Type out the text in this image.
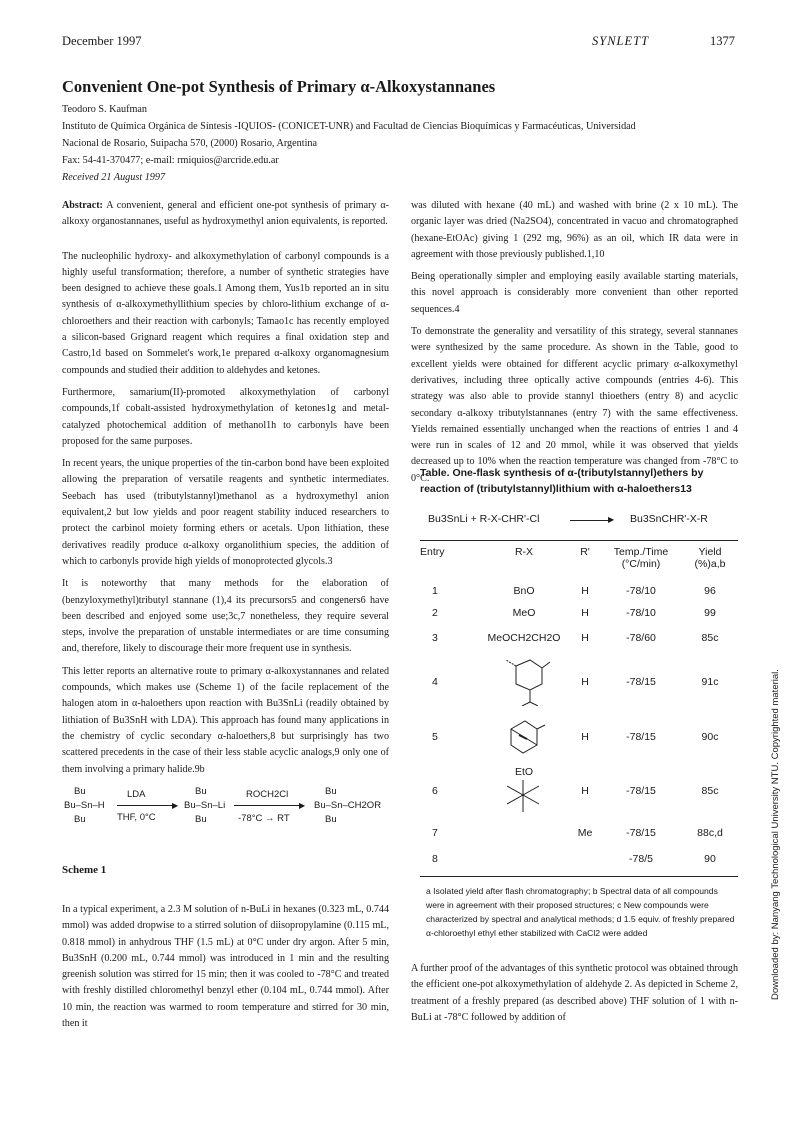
December 1997	SYNLETT	1377
Convenient One-pot Synthesis of Primary α-Alkoxystannanes
Teodoro S. Kaufman
Instituto de Química Orgánica de Síntesis -IQUIOS- (CONICET-UNR) and Facultad de Ciencias Bioquímicas y Farmacéuticas, Universidad
Nacional de Rosario, Suipacha 570, (2000) Rosario, Argentina
Fax: 54-41-370477; e-mail: rmiquios@arcride.edu.ar
Received 21 August 1997

Abstract: A convenient, general and efficient one-pot synthesis of primary α-alkoxy organostannanes, useful as hydroxymethyl anion equivalents, is reported.

The nucleophilic hydroxy- and alkoxymethylation of carbonyl compounds is a highly useful transformation; therefore, a number of synthetic strategies have been designed to achieve these goals.1 Among them, Yus1b reported an in situ synthesis of α-alkoxymethyllithium species by chloro-lithium exchange of α-chloroethers and their reaction with carbonyls; Tamao1c has recently employed a silicon-based Grignard reagent which requires a final oxidation step and Castro,1d based on Sommelet's work,1e prepared α-alkoxy organomagnesium compounds and studied their addition to aldehydes and ketones.

Furthermore, samarium(II)-promoted alkoxymethylation of carbonyl compounds,1f cobalt-assisted hydroxymethylation of ketones1g and metal-catalyzed photochemical addition of methanol1h to carbonyls have been proposed for the same purposes.

In recent years, the unique properties of the tin-carbon bond have been exploited allowing the preparation of versatile reagents and synthetic intermediates. Seebach has used (tributylstannyl)methanol as a hydroxymethyl anion equivalent,2 but low yields and poor reagent stability induced researchers to protect the carbinol moiety forming ethers or acetals. Upon lithiation, these derivatives readily produce α-alkoxy organolithium species, the addition of which to carbonyls provide high yields of monoprotected glycols.3

It is noteworthy that many methods for the elaboration of (benzyloxymethyl)tributyl stannane (1),4 its precursors5 and congeners6 have been described and enjoyed some use;3c,7 nonetheless, they require several steps, involve the preparation of unstable intermediates or are time consuming and, therefore, likely to discourage their more frequent use in synthesis.

This letter reports an alternative route to primary α-alkoxystannanes and related compounds, which makes use (Scheme 1) of the facile replacement of the halogen atom in α-haloethers upon reaction with Bu3SnLi (readily obtained by lithiation of Bu3SnH with LDA). This approach has found many applications in the chemistry of cyclic secondary α-haloethers,8 but surprisingly has two scattered precedents in the case of their less stable acyclic analogs,9 only one of them involving a primary halide.9b

Bu
Bu–Sn–H
Bu
LDA
▶
THF, 0°C
Bu
Bu–Sn–Li
Bu
ROCH2Cl
▶
-78°C → RT
Bu
Bu–Sn–CH2OR
Bu
Scheme 1

In a typical experiment, a 2.3 M solution of n-BuLi in hexanes (0.323 mL, 0.744 mmol) was added dropwise to a stirred solution of diisopropylamine (0.115 mL, 0.818 mmol) in anhydrous THF (1.5 mL) at 0°C under dry argon. After 5 min, Bu3SnH (0.200 mL, 0.744 mmol) was introduced in 1 min and the resulting greenish solution was stirred for 15 min; then it was cooled to -78°C and treated with freshly distilled chloromethyl benzyl ether (0.104 mL, 0.744 mmol). After 10 min, the reaction was warmed to room temperature and stirred for 30 min, then it

was diluted with hexane (40 mL) and washed with brine (2 x 10 mL). The organic layer was dried (Na2SO4), concentrated in vacuo and chromatographed (hexane-EtOAc) giving 1 (292 mg, 96%) as an oil, which IR data were in agreement with those previously published.1,10

Being operationally simpler and employing easily available starting materials, this novel approach is considerably more convenient than other reported sequences.4

To demonstrate the generality and versatility of this strategy, several stannanes were synthesized by the same procedure. As shown in the Table, good to excellent yields were obtained for different acyclic primary α-alkoxymethyl derivatives, including three optically active compounds (entries 4-6). This strategy was also able to provide stannyl thioethers (entry 8) and acyclic secondary α-alkoxy tributylstannanes (entry 7) with the same effectiveness. Yields remained essentially unchanged when the reactions of entries 1 and 4 were run in scales of 12 and 20 mmol, while it was observed that yields decreased up to 10% when the reaction temperature was changed from -78°C to 0°C.

Table. One-flask synthesis of α-(tributylstannyl)ethers by reaction of (tributylstannyl)lithium with α-haloethers13
Bu3SnLi + R-X-CHR'-Cl	▶ Bu3SnCHR'-X-R
Entry	R-X	R'	Temp./Time (°C/min)	Yield (%)a,b
1	BnO	H	-78/10	96
2	MeO	H	-78/10	99
3	MeOCH2CH2O	H	-78/60	85c
4		H	-78/15	91c
5		H	-78/15	90c
6	EtO	H	-78/15	85c
7		Me	-78/15	88c,d
8			-78/5	90
a Isolated yield after flash chromatography; b Spectral data of all compounds were in agreement with their proposed structures; c New compounds were characterized by spectral and analytical methods; d 1.5 equiv. of freshly prepared α-chloroethyl ethyl ether stabilized with CaCl2 were added

A further proof of the advantages of this synthetic protocol was obtained through the efficient one-pot alkoxymethylation of aldehyde 2. As depicted in Scheme 2, treatment of a freshly prepared (as described above) THF solution of 1 with n-BuLi at -78°C followed by addition of

Downloaded by: Nanyang Technological University NTU. Copyrighted material.
